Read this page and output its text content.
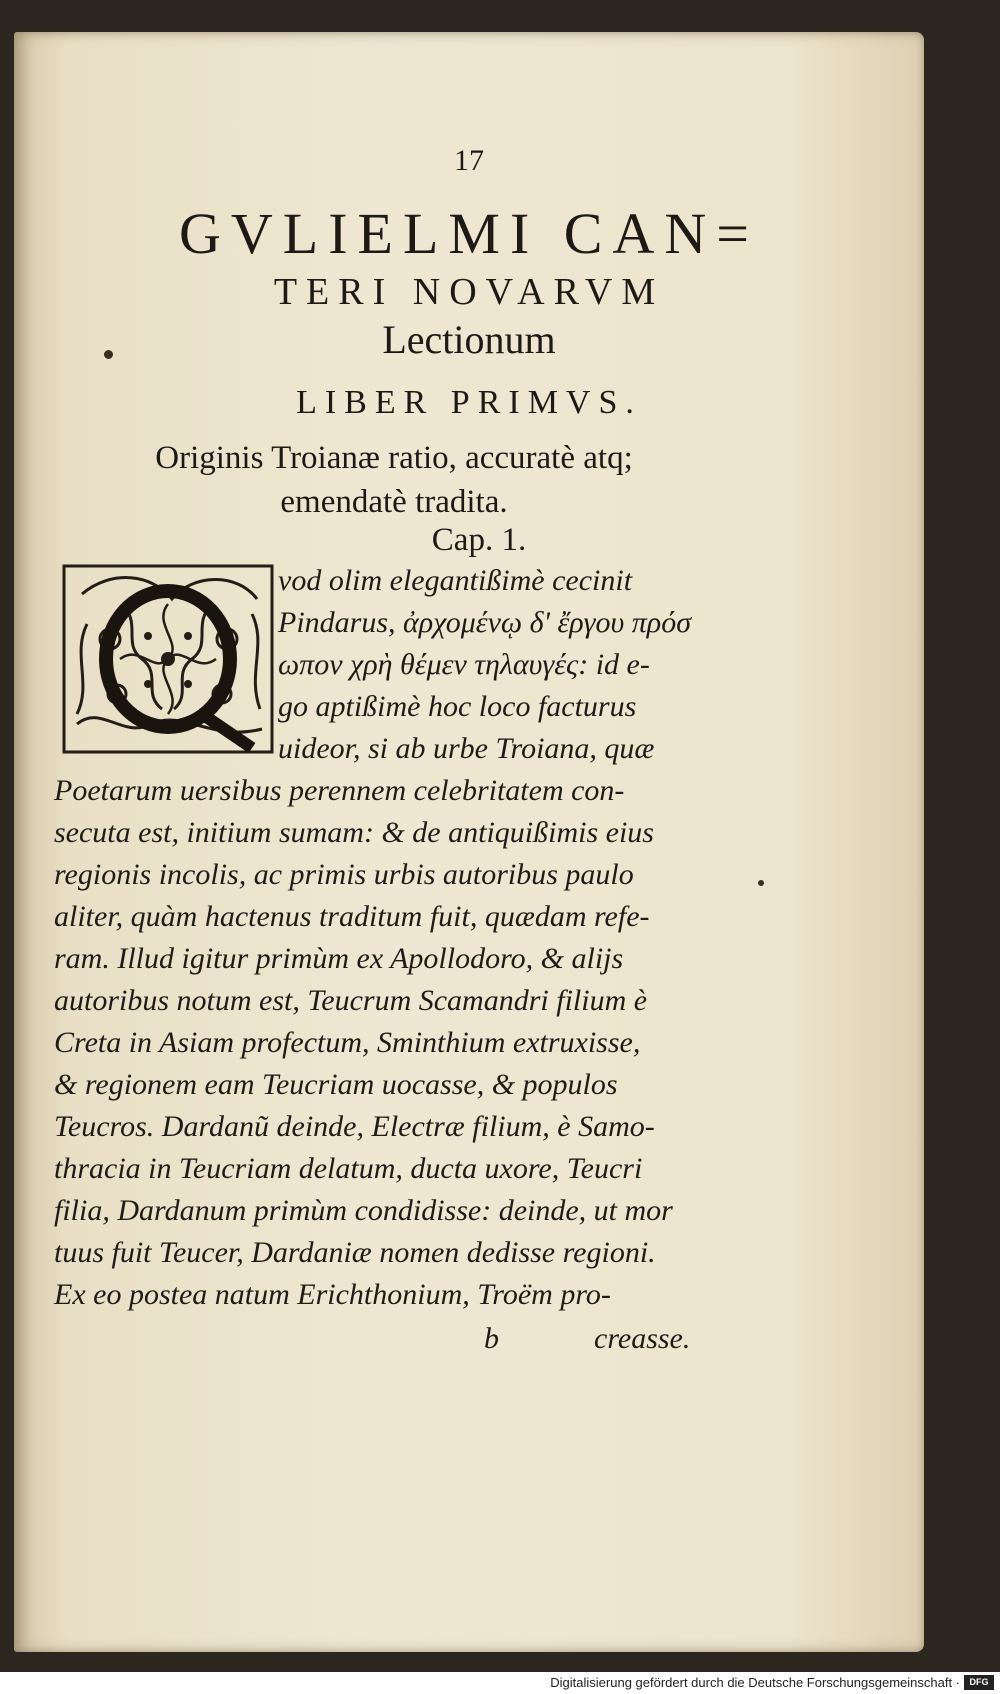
17
GVLIELMI CAN=
TERI NOVARVM
Lectionum
LIBER PRIMVS.
Originis Troianæ ratio, accuratè atq; emendatè tradita.
Cap. 1.
vod olim elegantißimè cecinit
Pindarus, ἀρχομένῳ δ' ἔργου πρόσ
ωπον χρὴ θέμεν τηλαυγές: id e-
go aptißimè hoc loco facturus
uideor, si ab urbe Troiana, quæ
Poetarum uersibus perennem celebritatem con-
secuta est, initium sumam: & de antiquißimis eius
regionis incolis, ac primis urbis autoribus paulo
aliter, quàm hactenus traditum fuit, quædam refe-
ram. Illud igitur primùm ex Apollodoro, & alijs
autoribus notum est, Teucrum Scamandri filium è
Creta in Asiam profectum, Sminthium extruxisse,
& regionem eam Teucriam uocasse, & populos
Teucros. Dardanũ deinde, Electræ filium, è Samo-
thracia in Teucriam delatum, ducta uxore, Teucri
filia, Dardanum primùm condidisse: deinde, ut mor
tuus fuit Teucer, Dardaniæ nomen dedisse regioni.
Ex eo postea natum Erichthonium, Troëm pro-
b	creasse.
Digitalisierung gefördert durch die Deutsche Forschungsgemeinschaft ·	DFG
